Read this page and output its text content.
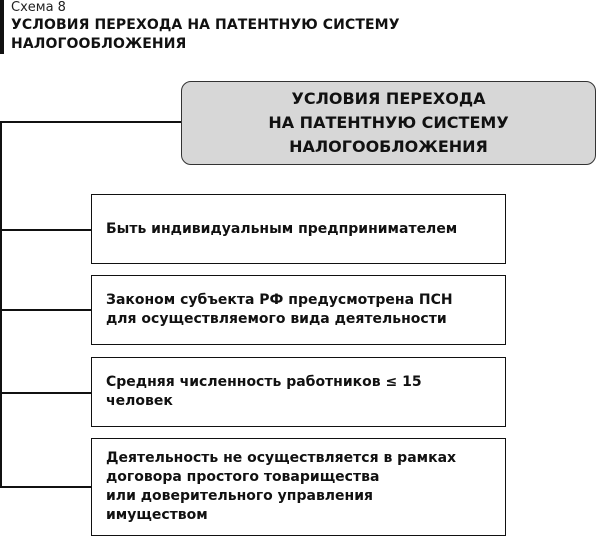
Схема 8
УСЛОВИЯ ПЕРЕХОДА НА ПАТЕНТНУЮ СИСТЕМУ
НАЛОГООБЛОЖЕНИЯ
УСЛОВИЯ ПЕРЕХОДА
НА ПАТЕНТНУЮ СИСТЕМУ
НАЛОГООБЛОЖЕНИЯ
Быть индивидуальным предпринимателем
Законом субъекта РФ предусмотрена ПСН
для осуществляемого вида деятельности
Средняя численность работников ≤ 15 человек
Деятельность не осуществляется в рамках
договора простого товарищества
или доверительного управления
имуществом
